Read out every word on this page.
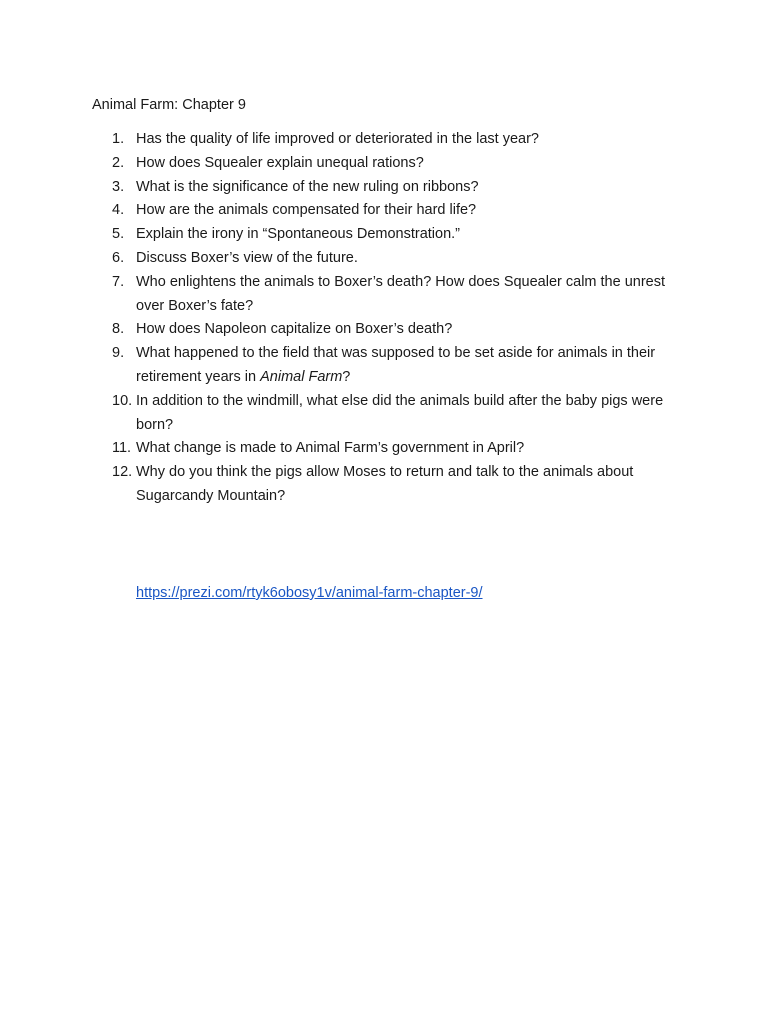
Animal Farm: Chapter 9
1. Has the quality of life improved or deteriorated in the last year?
2. How does Squealer explain unequal rations?
3. What is the significance of the new ruling on ribbons?
4. How are the animals compensated for their hard life?
5. Explain the irony in “Spontaneous Demonstration.”
6. Discuss Boxer’s view of the future.
7. Who enlightens the animals to Boxer’s death? How does Squealer calm the unrest over Boxer’s fate?
8. How does Napoleon capitalize on Boxer’s death?
9. What happened to the field that was supposed to be set aside for animals in their retirement years in Animal Farm?
10. In addition to the windmill, what else did the animals build after the baby pigs were born?
11. What change is made to Animal Farm’s government in April?
12. Why do you think the pigs allow Moses to return and talk to the animals about Sugarcandy Mountain?
https://prezi.com/rtyk6obosy1v/animal-farm-chapter-9/
